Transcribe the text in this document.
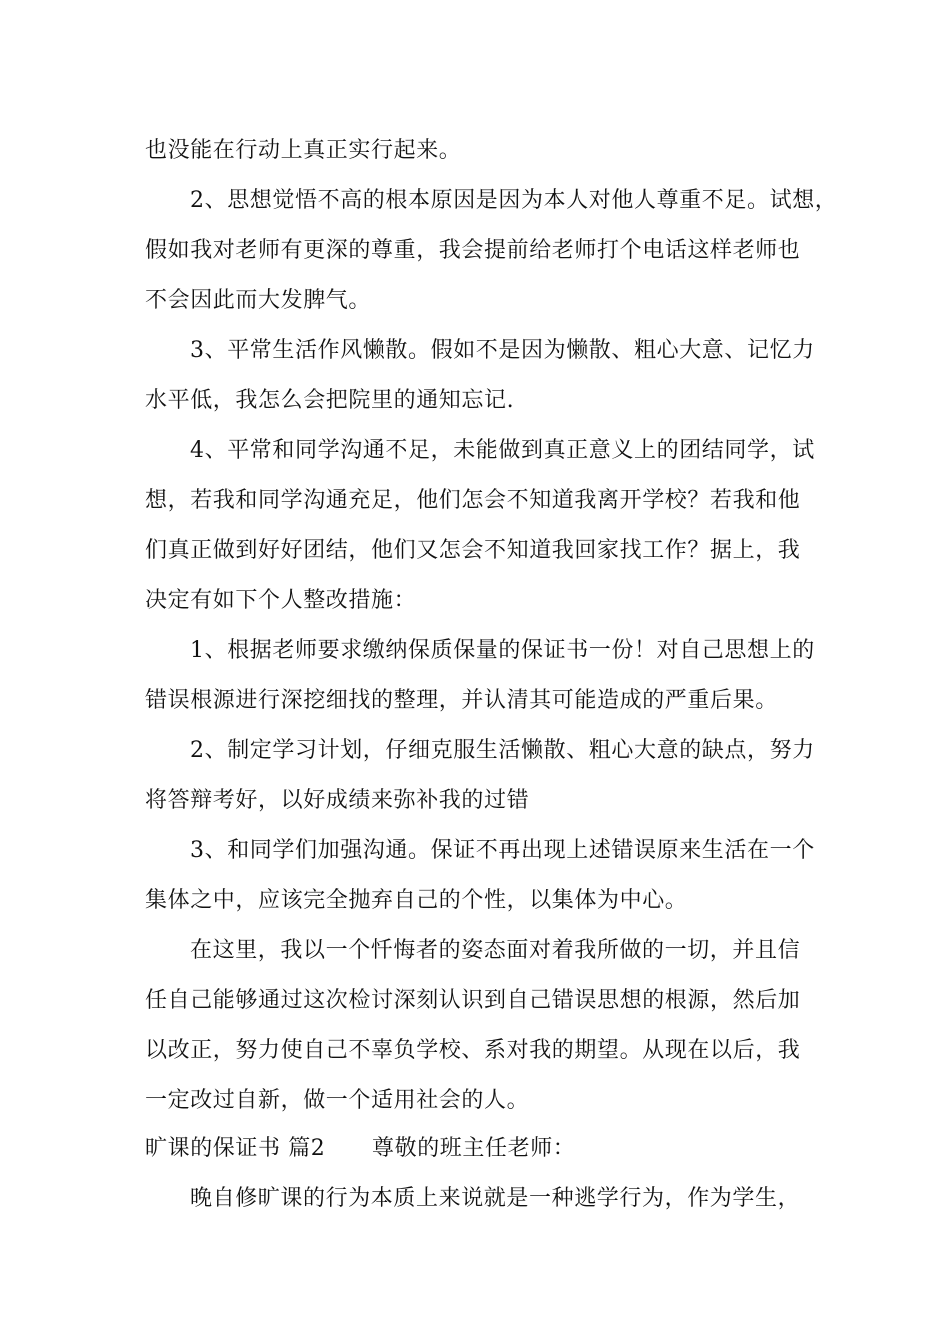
也没能在行动上真正实行起来。
2、思想觉悟不高的根本原因是因为本人对他人尊重不足。试想，
假如我对老师有更深的尊重，我会提前给老师打个电话这样老师也
不会因此而大发脾气。
3、平常生活作风懒散。假如不是因为懒散、粗心大意、记忆力
水平低，我怎么会把院里的通知忘记.
4、平常和同学沟通不足，未能做到真正意义上的团结同学，试
想，若我和同学沟通充足，他们怎会不知道我离开学校？若我和他
们真正做到好好团结，他们又怎会不知道我回家找工作？据上，我
决定有如下个人整改措施：
1、根据老师要求缴纳保质保量的保证书一份！对自己思想上的
错误根源进行深挖细找的整理，并认清其可能造成的严重后果。
2、制定学习计划，仔细克服生活懒散、粗心大意的缺点，努力
将答辩考好，以好成绩来弥补我的过错
3、和同学们加强沟通。保证不再出现上述错误原来生活在一个
集体之中，应该完全抛弃自己的个性，以集体为中心。
在这里，我以一个忏悔者的姿态面对着我所做的一切，并且信
任自己能够通过这次检讨深刻认识到自己错误思想的根源，然后加
以改正，努力使自己不辜负学校、系对我的期望。从现在以后，我
一定改过自新，做一个适用社会的人。
旷课的保证书 篇2 尊敬的班主任老师：
晚自修旷课的行为本质上来说就是一种逃学行为，作为学生，
